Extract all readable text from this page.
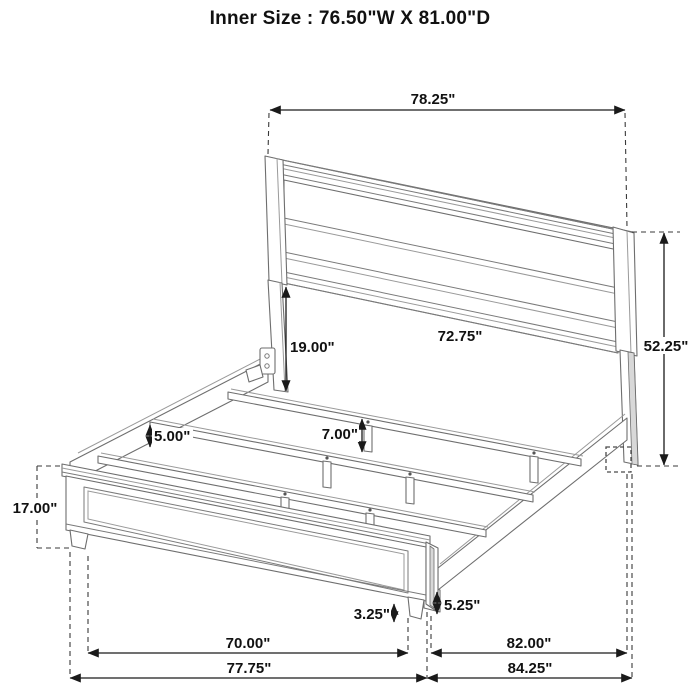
Inner Size : 76.50"W X 81.00"D
78.25"
52.25"
19.00"
72.75"
5.00"	7.00"
17.00"
3.25"
5.25"
70.00"
77.75"
82.00"
84.25"
